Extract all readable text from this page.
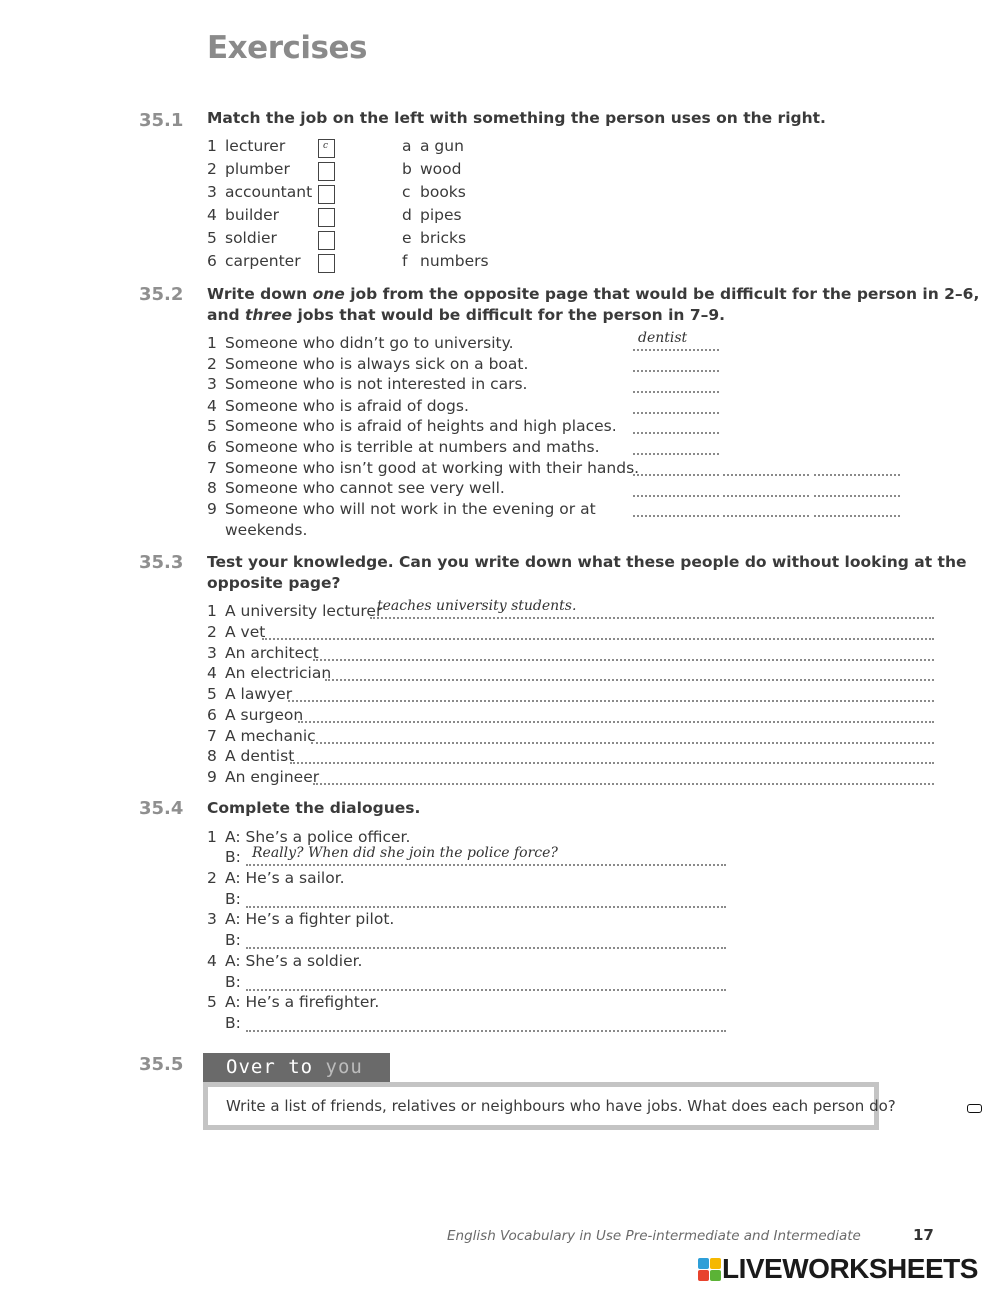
Exercises
35.1 Match the job on the left with something the person uses on the right.
1 lecturer
2 plumber
3 accountant
4 builder
5 soldier
6 carpenter
c	a a gun
b wood
c books
d pipes
e bricks
f numbers
35.2 Write down one job from the opposite page that would be difficult for the person in 2–6,
and three jobs that would be difficult for the person in 7–9.
1 Someone who didn’t go to university.
2 Someone who is always sick on a boat.
3 Someone who is not interested in cars.
4 Someone who is afraid of dogs.
5 Someone who is afraid of heights and high places.
6 Someone who is terrible at numbers and maths.
7 Someone who isn’t good at working with their hands.
8 Someone who cannot see very well.
9 Someone who will not work in the evening or at
weekends.
dentist
35.3 Test your knowledge. Can you write down what these people do without looking at the
opposite page?
1 A university lecturer
2 A vet
3 An architect
4 An electrician
5 A lawyer
6 A surgeon
7 A mechanic
8 A dentist
9 An engineer
teaches university students.
35.4 Complete the dialogues.
1 A: She’s a police officer.
B:
2 A: He’s a sailor.
B:
3 A: He’s a fighter pilot.
B:
4 A: She’s a soldier.
B:
5 A: He’s a firefighter.
B:
Really? When did she join the police force?
35.5 Over to you
Write a list of friends, relatives or neighbours who have jobs. What does each person do?
English Vocabulary in Use Pre-intermediate and Intermediate	17
LIVEWORKSHEETS
